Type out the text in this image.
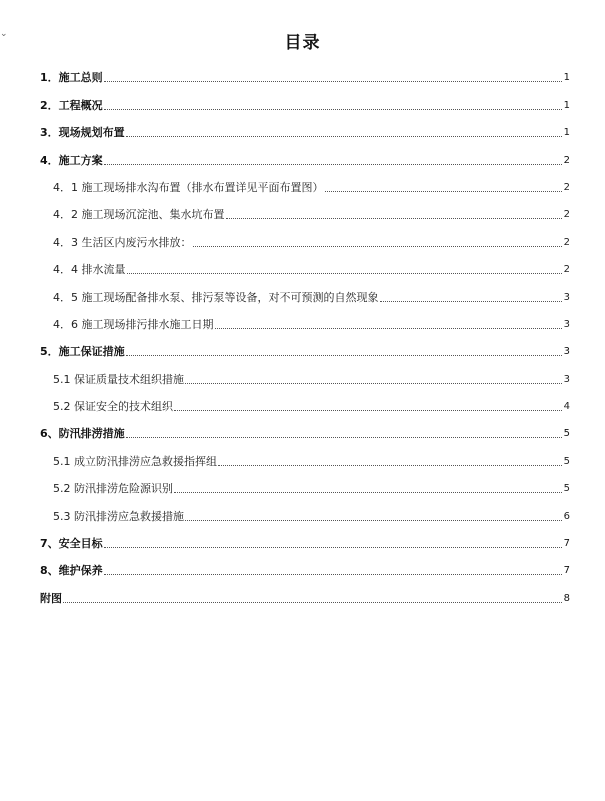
⌄	目录
1．施工总则	1
2．工程概况	1
3．现场规划布置	1
4．施工方案	2
4．1 施工现场排水沟布置（排水布置详见平面布置图）	2
4．2 施工现场沉淀池、集水坑布置	2
4．3 生活区内废污水排放：	2
4．4 排水流量	2
4．5 施工现场配备排水泵、排污泵等设备，对不可预测的自然现象	3
4．6 施工现场排污排水施工日期	3
5．施工保证措施	3
5.1 保证质量技术组织措施	3
5.2 保证安全的技术组织	4
6、防汛排涝措施	5
5.1 成立防汛排涝应急救援指挥组	5
5.2 防汛排涝危险源识别	5
5.3 防汛排涝应急救援措施	6
7、安全目标	7
8、维护保养	7
附图	8
